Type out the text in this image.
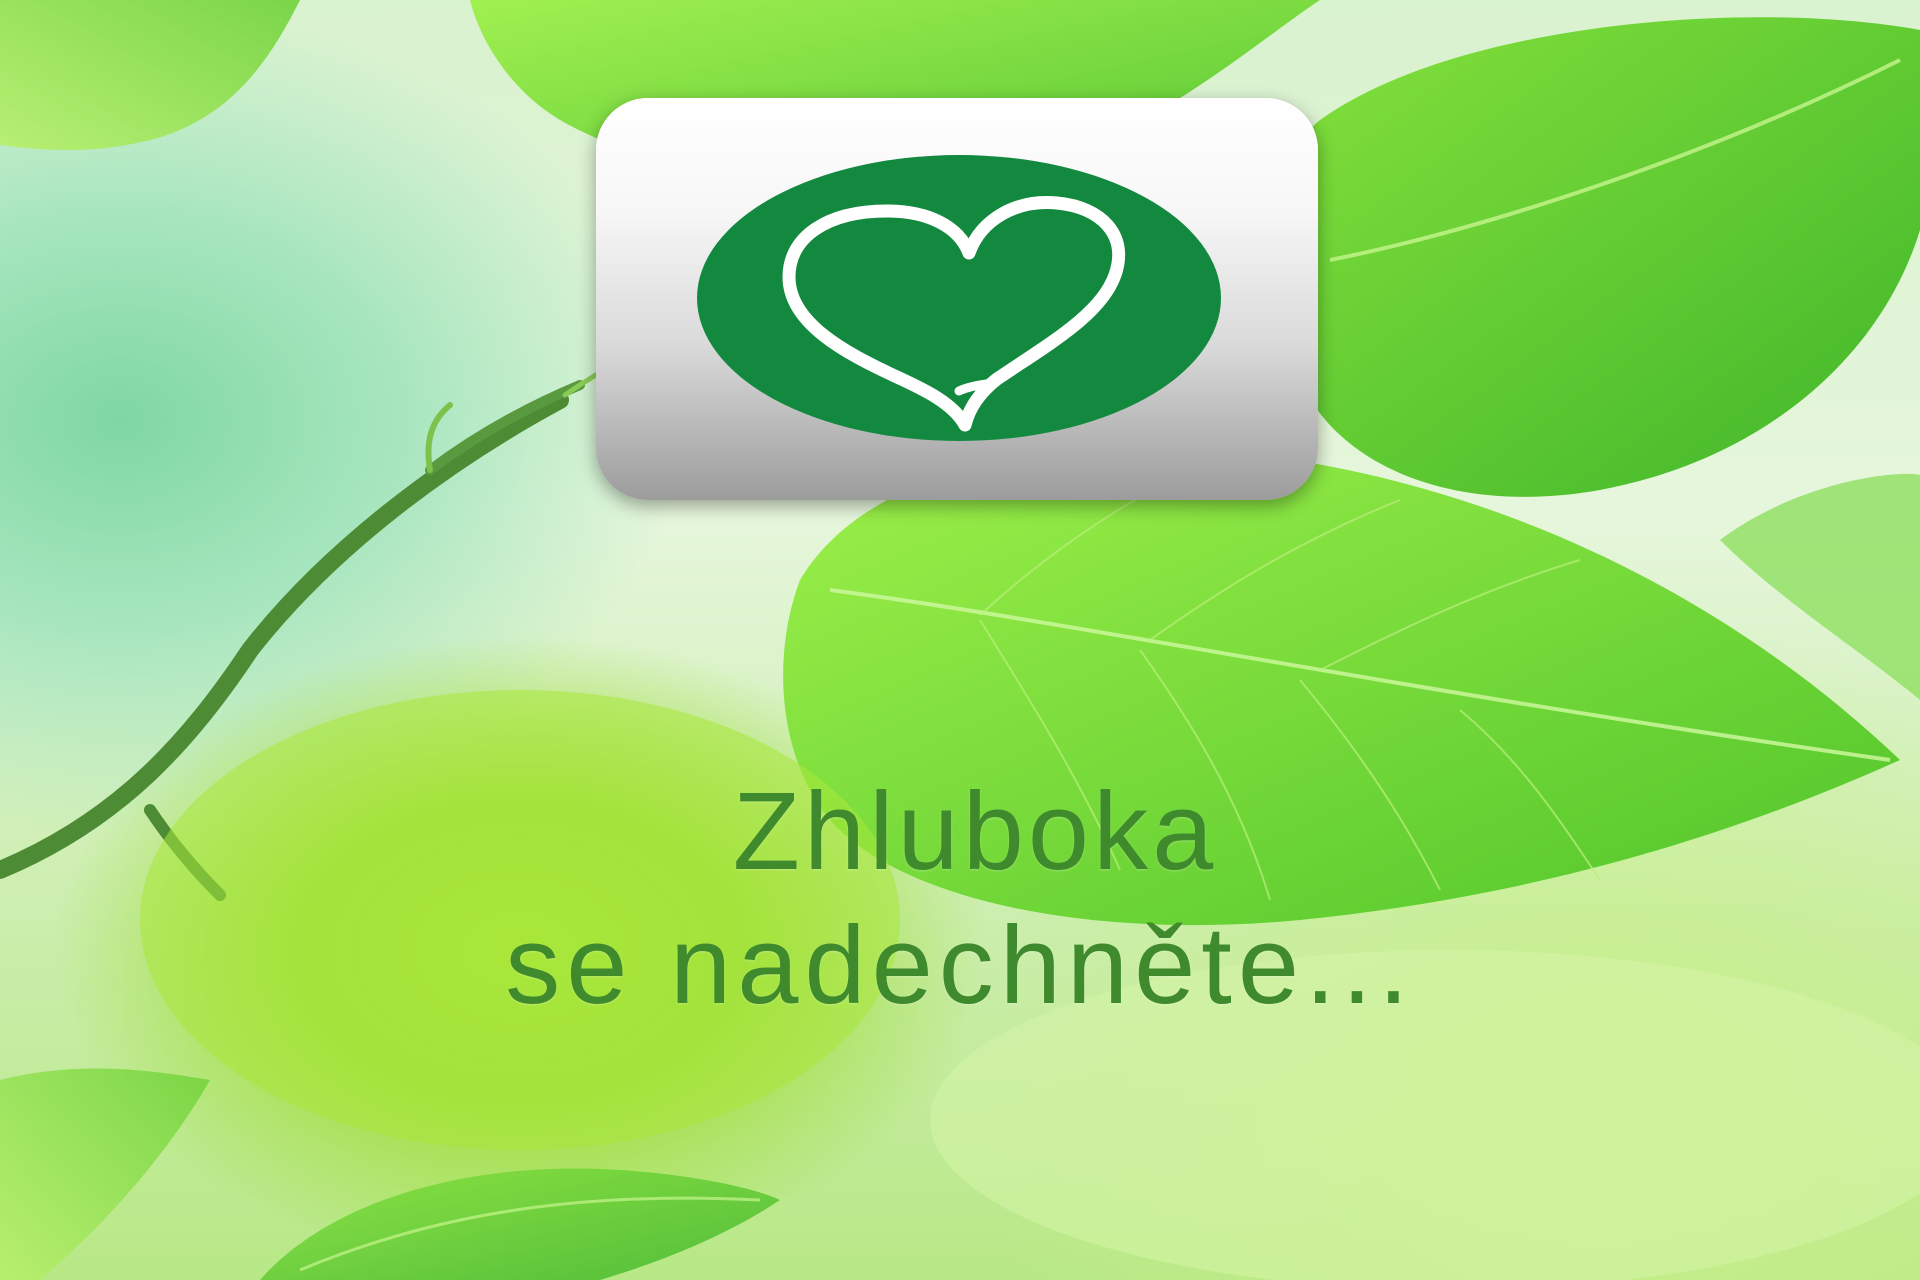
Zhluboka
se nadechněte...
